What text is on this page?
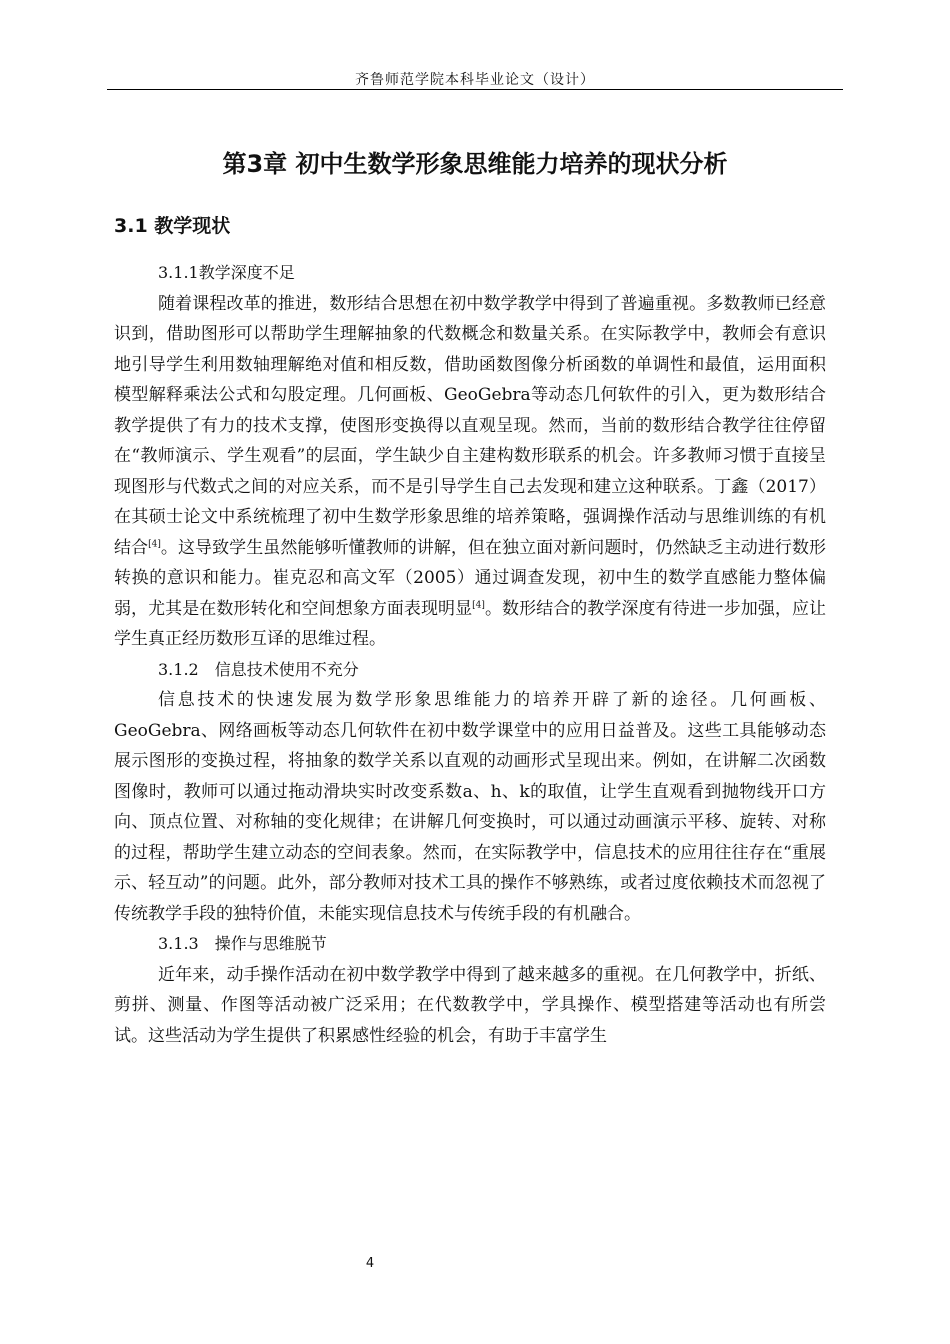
齐鲁师范学院本科毕业论文（设计）
第3章 初中生数学形象思维能力培养的现状分析
3.1 教学现状

3.1.1教学深度不足

随着课程改革的推进，数形结合思想在初中数学教学中得到了普遍重视。多数教师已经意识到，借助图形可以帮助学生理解抽象的代数概念和数量关系。在实际教学中，教师会有意识地引导学生利用数轴理解绝对值和相反数，借助函数图像分析函数的单调性和最值，运用面积模型解释乘法公式和勾股定理。几何画板、GeoGebra等动态几何软件的引入，更为数形结合教学提供了有力的技术支撑，使图形变换得以直观呈现。然而，当前的数形结合教学往往停留在“教师演示、学生观看”的层面，学生缺少自主建构数形联系的机会。许多教师习惯于直接呈现图形与代数式之间的对应关系，而不是引导学生自己去发现和建立这种联系。丁鑫（2017）在其硕士论文中系统梳理了初中生数学形象思维的培养策略，强调操作活动与思维训练的有机结合[4]。这导致学生虽然能够听懂教师的讲解，但在独立面对新问题时，仍然缺乏主动进行数形转换的意识和能力。崔克忍和高文军（2005）通过调查发现，初中生的数学直感能力整体偏弱，尤其是在数形转化和空间想象方面表现明显[4]。数形结合的教学深度有待进一步加强，应让学生真正经历数形互译的思维过程。

3.1.2　信息技术使用不充分

信息技术的快速发展为数学形象思维能力的培养开辟了新的途径。几何画板、GeoGebra、网络画板等动态几何软件在初中数学课堂中的应用日益普及。这些工具能够动态展示图形的变换过程，将抽象的数学关系以直观的动画形式呈现出来。例如，在讲解二次函数图像时，教师可以通过拖动滑块实时改变系数a、h、k的取值，让学生直观看到抛物线开口方向、顶点位置、对称轴的变化规律；在讲解几何变换时，可以通过动画演示平移、旋转、对称的过程，帮助学生建立动态的空间表象。然而，在实际教学中，信息技术的应用往往存在“重展示、轻互动”的问题。此外，部分教师对技术工具的操作不够熟练，或者过度依赖技术而忽视了传统教学手段的独特价值，未能实现信息技术与传统手段的有机融合。

3.1.3　操作与思维脱节

近年来，动手操作活动在初中数学教学中得到了越来越多的重视。在几何教学中，折纸、剪拼、测量、作图等活动被广泛采用；在代数教学中，学具操作、模型搭建等活动也有所尝试。这些活动为学生提供了积累感性经验的机会，有助于丰富学生

4
